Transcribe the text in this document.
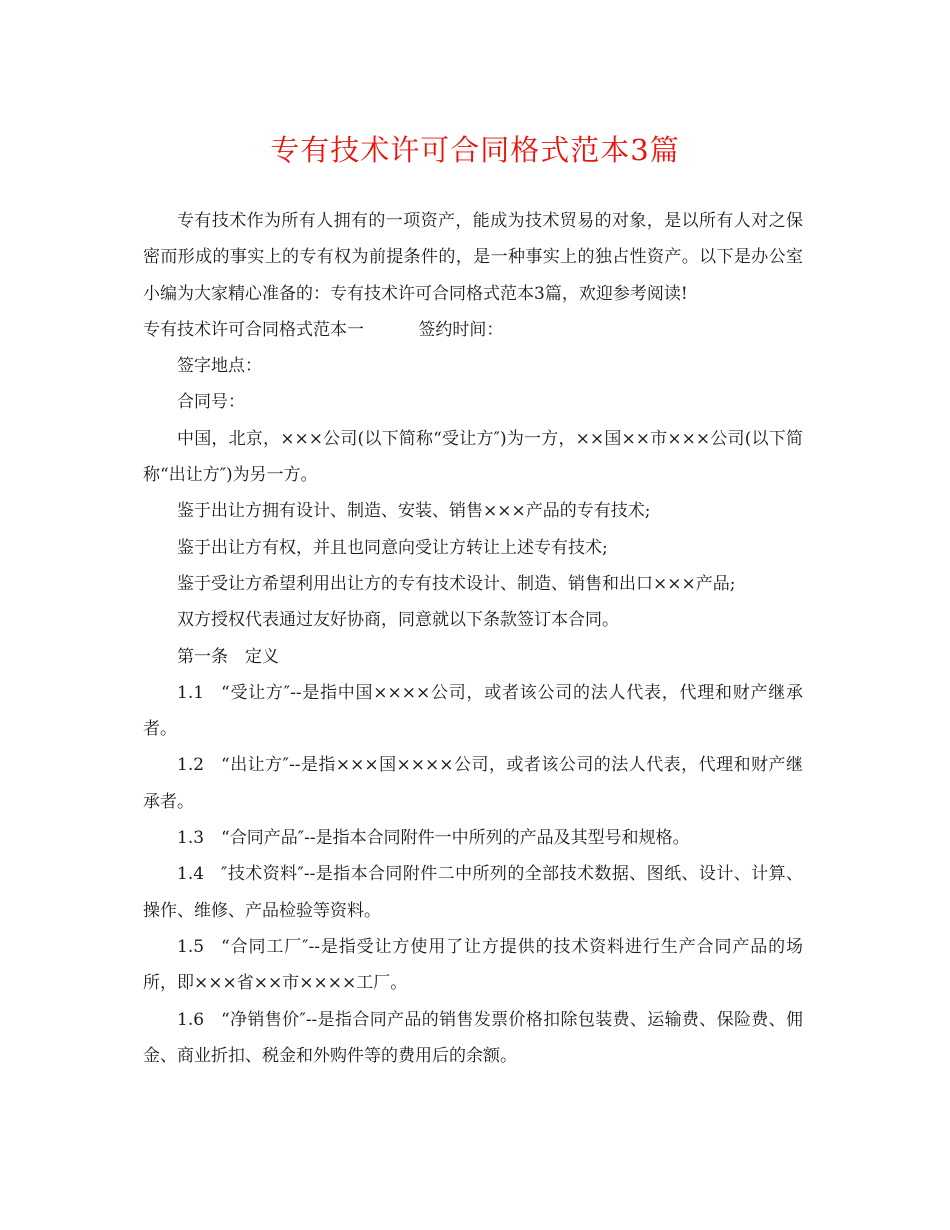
专有技术许可合同格式范本3篇

专有技术作为所有人拥有的一项资产，能成为技术贸易的对象，是以所有人对之保密而形成的事实上的专有权为前提条件的，是一种事实上的独占性资产。以下是办公室小编为大家精心准备的：专有技术许可合同格式范本3篇，欢迎参考阅读!

专有技术许可合同格式范本一	签约时间：

签字地点：

合同号：

中国，北京，×××公司(以下简称“受让方″)为一方，××国××市×××公司(以下简称“出让方″)为另一方。

鉴于出让方拥有设计、制造、安装、销售×××产品的专有技术;

鉴于出让方有权，并且也同意向受让方转让上述专有技术;

鉴于受让方希望利用出让方的专有技术设计、制造、销售和出口×××产品;

双方授权代表通过友好协商，同意就以下条款签订本合同。

第一条 定义

1.1 “受让方″--是指中国××××公司，或者该公司的法人代表，代理和财产继承者。

1.2 “出让方″--是指×××国××××公司，或者该公司的法人代表，代理和财产继承者。

1.3 “合同产品″--是指本合同附件一中所列的产品及其型号和规格。

1.4 ″技术资料″--是指本合同附件二中所列的全部技术数据、图纸、设计、计算、操作、维修、产品检验等资料。

1.5 “合同工厂″--是指受让方使用了让方提供的技术资料进行生产合同产品的场所，即×××省××市××××工厂。

1.6 “净销售价″--是指合同产品的销售发票价格扣除包装费、运输费、保险费、佣金、商业折扣、税金和外购件等的费用后的余额。
